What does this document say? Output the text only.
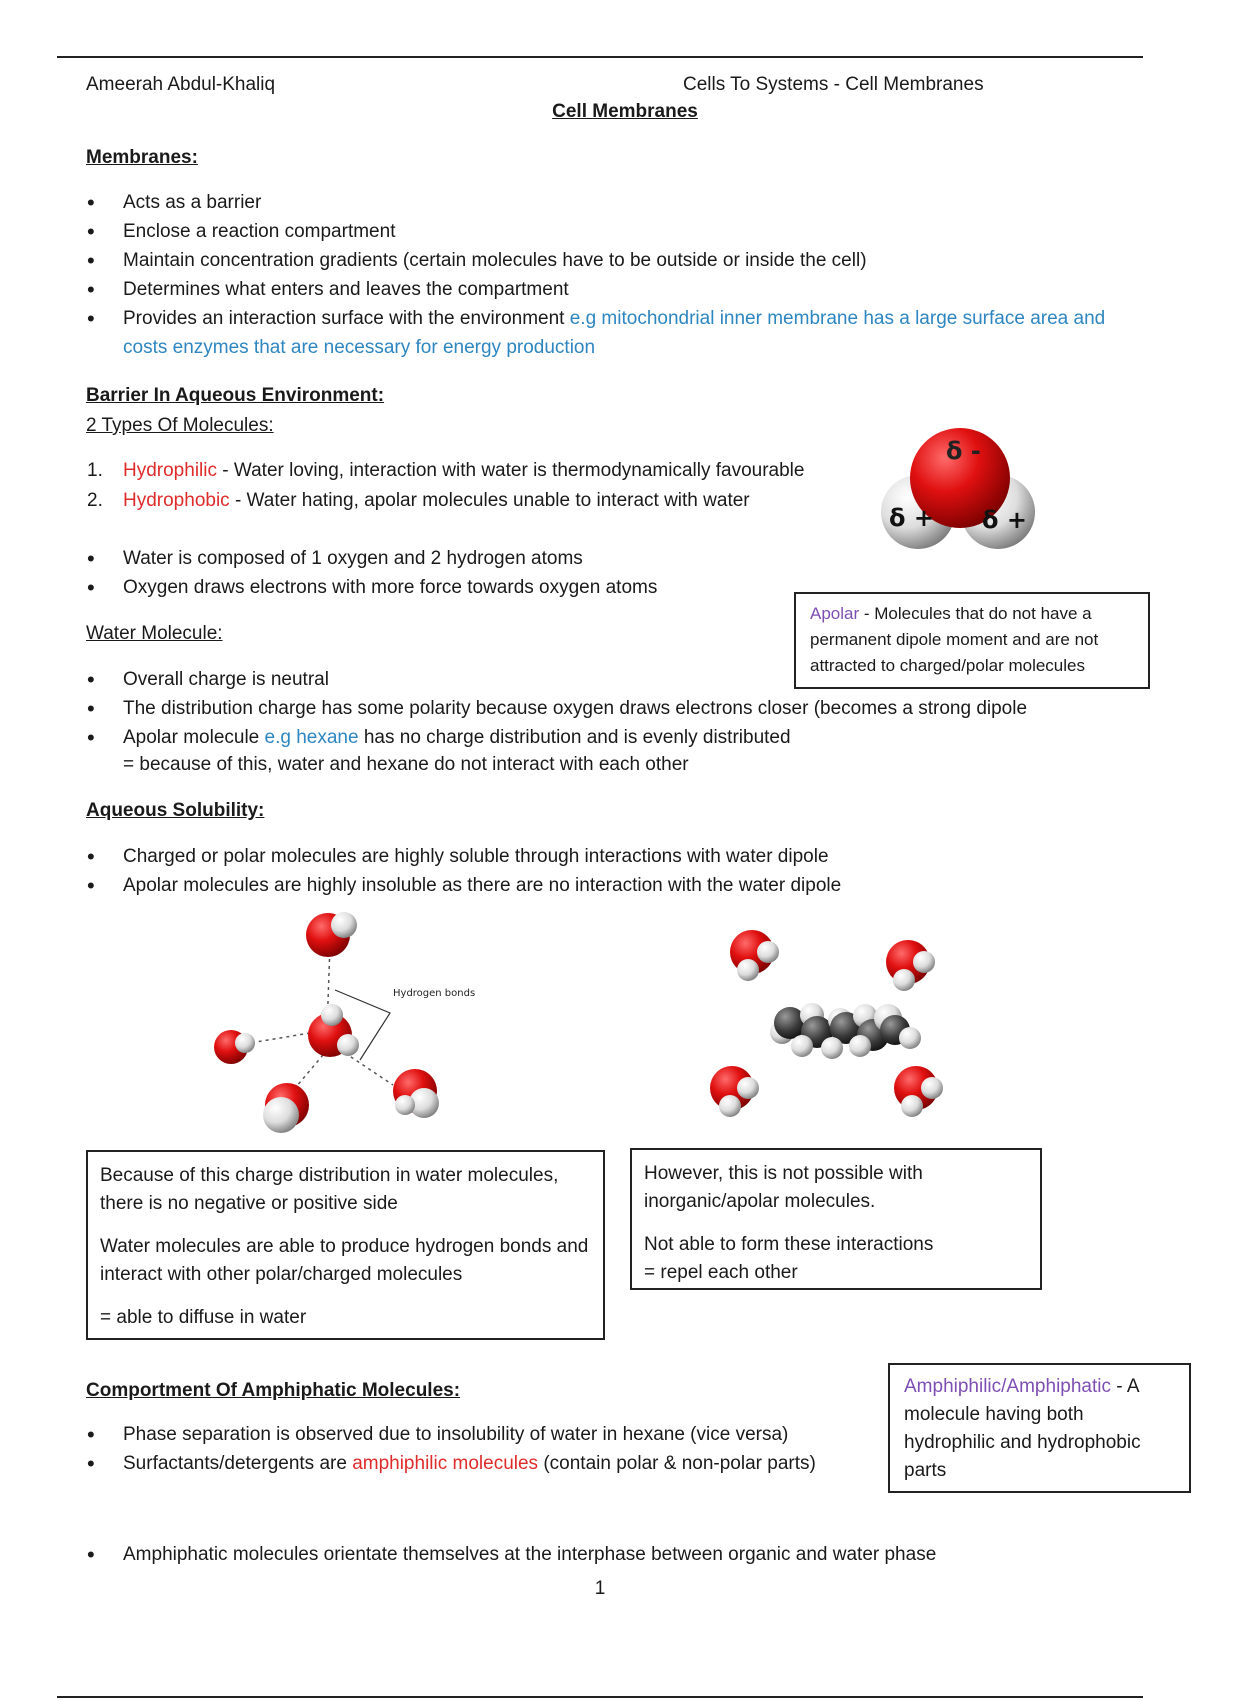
Ameerah Abdul-Khaliq	Cells To Systems - Cell Membranes
Cell Membranes
Membranes:
• Acts as a barrier
• Enclose a reaction compartment
• Maintain concentration gradients (certain molecules have to be outside or inside the cell)
• Determines what enters and leaves the compartment
• Provides an interaction surface with the environment e.g mitochondrial inner membrane has a large surface area and costs enzymes that are necessary for energy production
Barrier In Aqueous Environment:
2 Types Of Molecules:
1. Hydrophilic - Water loving, interaction with water is thermodynamically favourable
2. Hydrophobic - Water hating, apolar molecules unable to interact with water
δ -
δ + δ +
• Water is composed of 1 oxygen and 2 hydrogen atoms
• Oxygen draws electrons with more force towards oxygen atoms
Apolar - Molecules that do not have a permanent dipole moment and are not attracted to charged/polar molecules
Water Molecule:
• Overall charge is neutral
• The distribution charge has some polarity because oxygen draws electrons closer (becomes a strong dipole
• Apolar molecule e.g hexane has no charge distribution and is evenly distributed
= because of this, water and hexane do not interact with each other
Aqueous Solubility:
• Charged or polar molecules are highly soluble through interactions with water dipole
• Apolar molecules are highly insoluble as there are no interaction with the water dipole
Hydrogen bonds

Because of this charge distribution in water molecules, there is no negative or positive side

Water molecules are able to produce hydrogen bonds and interact with other polar/charged molecules

= able to diffuse in water

However, this is not possible with inorganic/apolar molecules.

Not able to form these interactions

= repel each other

Comportment Of Amphiphatic Molecules:
• Phase separation is observed due to insolubility of water in hexane (vice versa)
• Surfactants/detergents are amphiphilic molecules (contain polar & non-polar parts)
Amphiphilic/Amphiphatic - A molecule having both hydrophilic and hydrophobic parts
• Amphiphatic molecules orientate themselves at the interphase between organic and water phase
1
